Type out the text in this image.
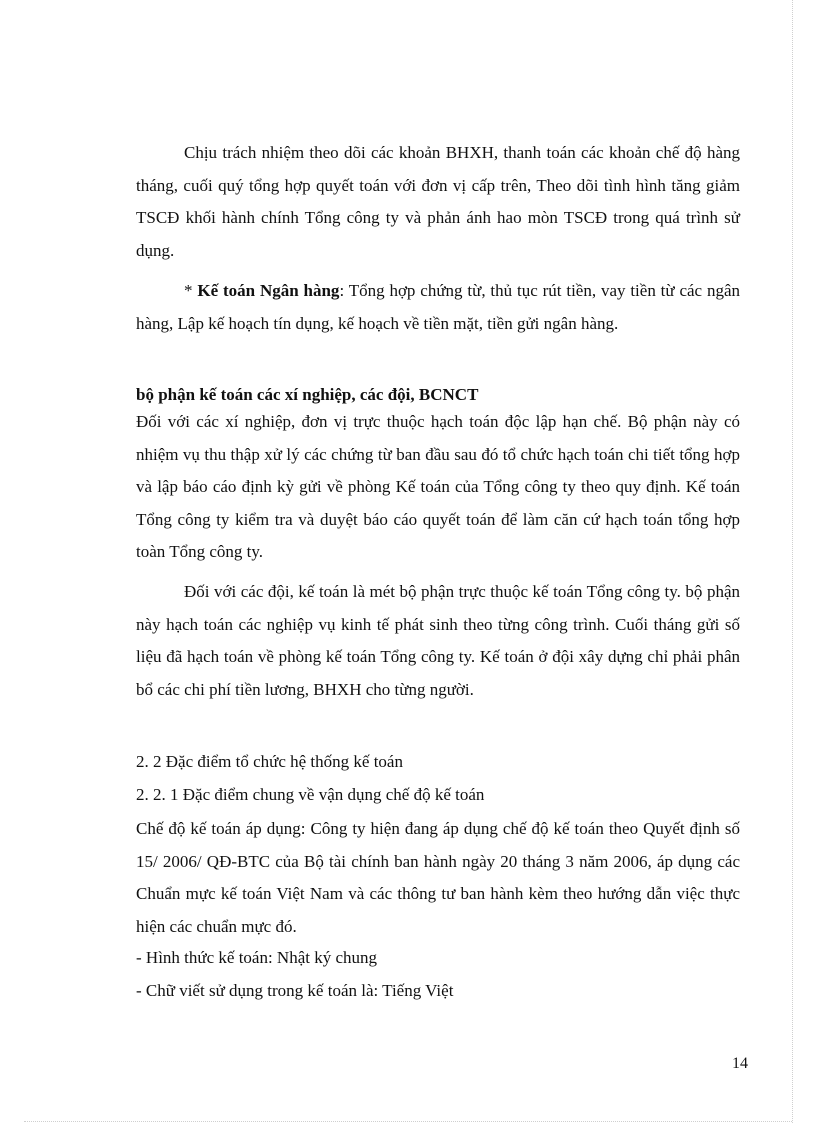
Chịu trách nhiệm theo dõi các khoản BHXH, thanh toán các khoản chế độ hàng tháng, cuối quý tổng hợp quyết toán với đơn vị cấp trên, Theo dõi tình hình tăng giảm TSCĐ khối hành chính Tổng công ty và phản ánh hao mòn TSCĐ trong quá trình sử dụng.

* Kế toán Ngân hàng: Tổng hợp chứng từ, thủ tục rút tiền, vay tiền từ các ngân hàng, Lập kế hoạch tín dụng, kế hoạch về tiền mặt, tiền gửi ngân hàng.

bộ phận kế toán các xí nghiệp, các đội, BCNCT

Đối với các xí nghiệp, đơn vị trực thuộc hạch toán độc lập hạn chế. Bộ phận này có nhiệm vụ thu thập xử lý các chứng từ ban đầu sau đó tổ chức hạch toán chi tiết tổng hợp và lập báo cáo định kỳ gửi về phòng Kế toán của Tổng công ty theo quy định. Kế toán Tổng công ty kiểm tra và duyệt báo cáo quyết toán để làm căn cứ hạch toán tổng hợp toàn Tổng công ty.

Đối với các đội, kế toán là mét bộ phận trực thuộc kế toán Tổng công ty. bộ phận này hạch toán các nghiệp vụ kinh tế phát sinh theo từng công trình. Cuối tháng gửi số liệu đã hạch toán về phòng kế toán Tổng công ty. Kế toán ở đội xây dựng chỉ phải phân bổ các chi phí tiền lương, BHXH cho từng người.

2. 2 Đặc điểm tổ chức hệ thống kế toán

2. 2. 1 Đặc điểm chung về vận dụng chế độ kế toán

Chế độ kế toán áp dụng: Công ty hiện đang áp dụng chế độ kế toán theo Quyết định số 15/ 2006/ QĐ-BTC của Bộ tài chính ban hành ngày 20 tháng 3 năm 2006, áp dụng các Chuẩn mực kế toán Việt Nam và các thông tư ban hành kèm theo hướng dẫn việc thực hiện các chuẩn mực đó.

- Hình thức kế toán: Nhật ký chung

- Chữ viết sử dụng trong kế toán là: Tiếng Việt

14
